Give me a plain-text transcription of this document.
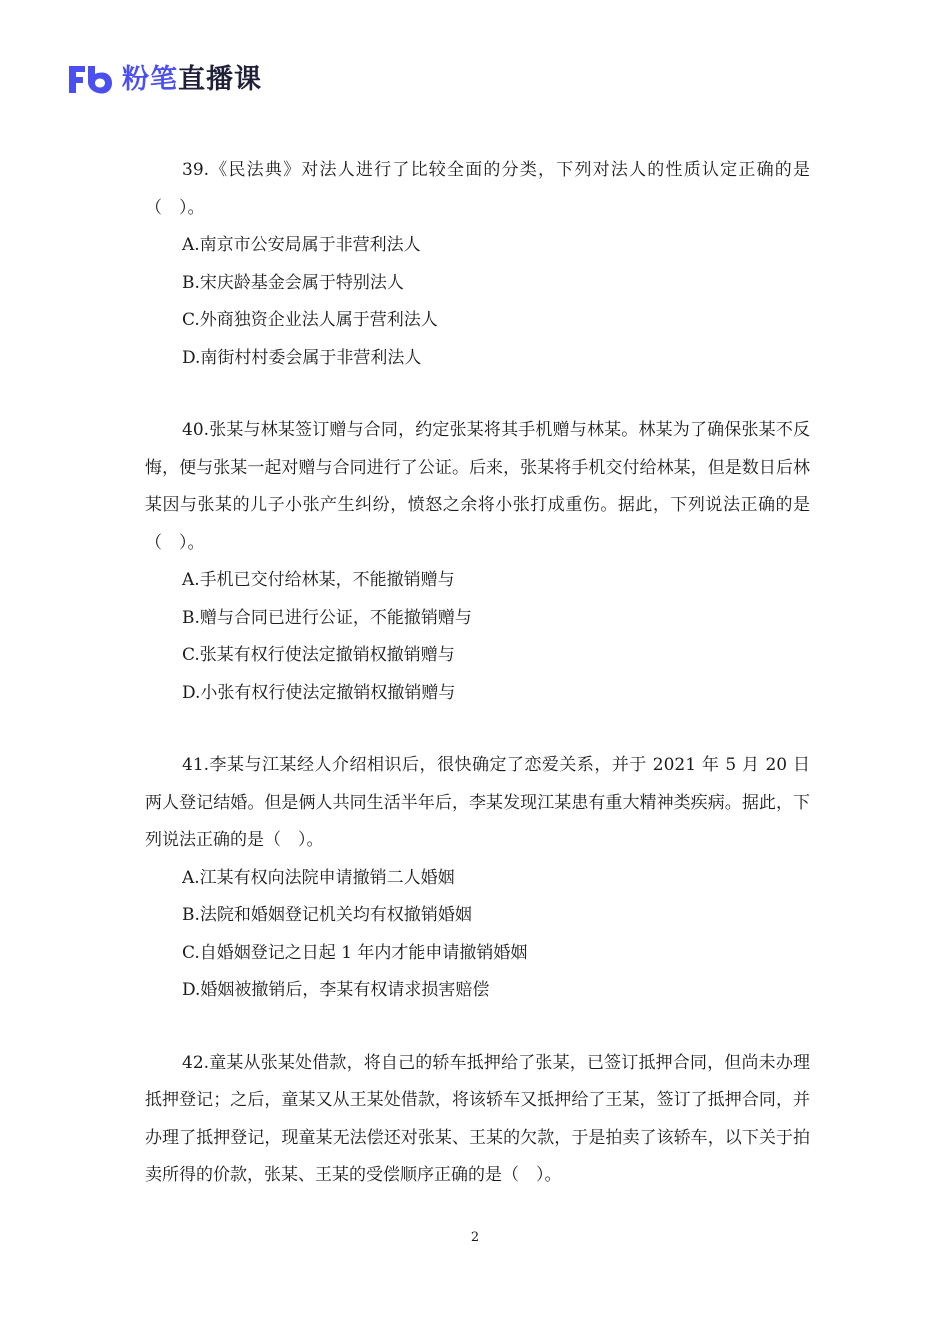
粉笔直播课

39.《民法典》对法人进行了比较全面的分类，下列对法人的性质认定正确的是（　）。

A.南京市公安局属于非营利法人
B.宋庆龄基金会属于特别法人
C.外商独资企业法人属于营利法人
D.南街村村委会属于非营利法人

40.张某与林某签订赠与合同，约定张某将其手机赠与林某。林某为了确保张某不反悔，便与张某一起对赠与合同进行了公证。后来，张某将手机交付给林某，但是数日后林某因与张某的儿子小张产生纠纷，愤怒之余将小张打成重伤。据此，下列说法正确的是（　）。

A.手机已交付给林某，不能撤销赠与
B.赠与合同已进行公证，不能撤销赠与
C.张某有权行使法定撤销权撤销赠与
D.小张有权行使法定撤销权撤销赠与

41.李某与江某经人介绍相识后，很快确定了恋爱关系，并于 2021 年 5 月 20 日两人登记结婚。但是俩人共同生活半年后，李某发现江某患有重大精神类疾病。据此，下列说法正确的是（　）。

A.江某有权向法院申请撤销二人婚姻
B.法院和婚姻登记机关均有权撤销婚姻
C.自婚姻登记之日起 1 年内才能申请撤销婚姻
D.婚姻被撤销后，李某有权请求损害赔偿

42.童某从张某处借款，将自己的轿车抵押给了张某，已签订抵押合同，但尚未办理抵押登记；之后，童某又从王某处借款，将该轿车又抵押给了王某，签订了抵押合同，并办理了抵押登记，现童某无法偿还对张某、王某的欠款，于是拍卖了该轿车，以下关于拍卖所得的价款，张某、王某的受偿顺序正确的是（　）。

2
